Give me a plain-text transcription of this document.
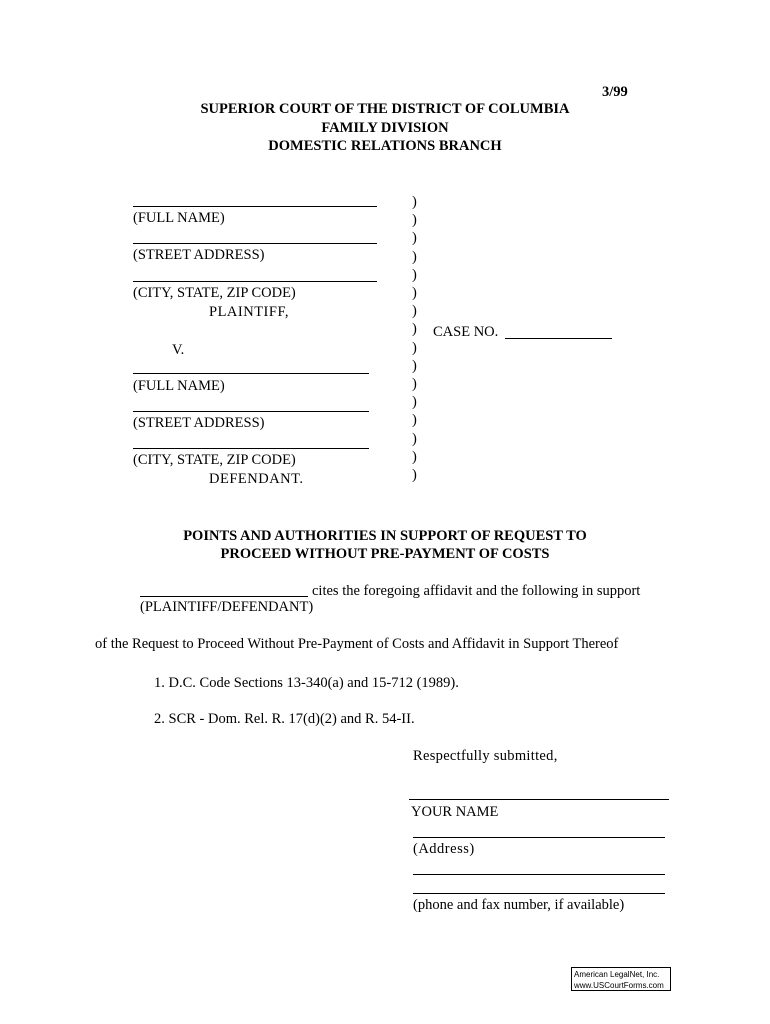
3/99
SUPERIOR COURT OF THE DISTRICT OF COLUMBIA
FAMILY DIVISION
DOMESTIC RELATIONS BRANCH
(FULL NAME)
(STREET ADDRESS)
(CITY, STATE, ZIP CODE)
PLAINTIFF,
V.
(FULL NAME)
(STREET ADDRESS)
(CITY, STATE, ZIP CODE)
DEFENDANT.
)
)
)
)
)
)
)
)
)
)
)
)
)
)
)
)
CASE NO.
POINTS AND AUTHORITIES IN SUPPORT OF REQUEST TO
PROCEED WITHOUT PRE-PAYMENT OF COSTS
cites the foregoing affidavit and the following in support
(PLAINTIFF/DEFENDANT)
of the Request to Proceed Without Pre-Payment of Costs and Affidavit in Support Thereof
1. D.C. Code Sections 13-340(a) and 15-712 (1989).
2. SCR - Dom. Rel. R. 17(d)(2) and R. 54-II.
Respectfully submitted,
YOUR NAME
(Address)
(phone and fax number, if available)
American LegalNet, Inc.
www.USCourtForms.com
